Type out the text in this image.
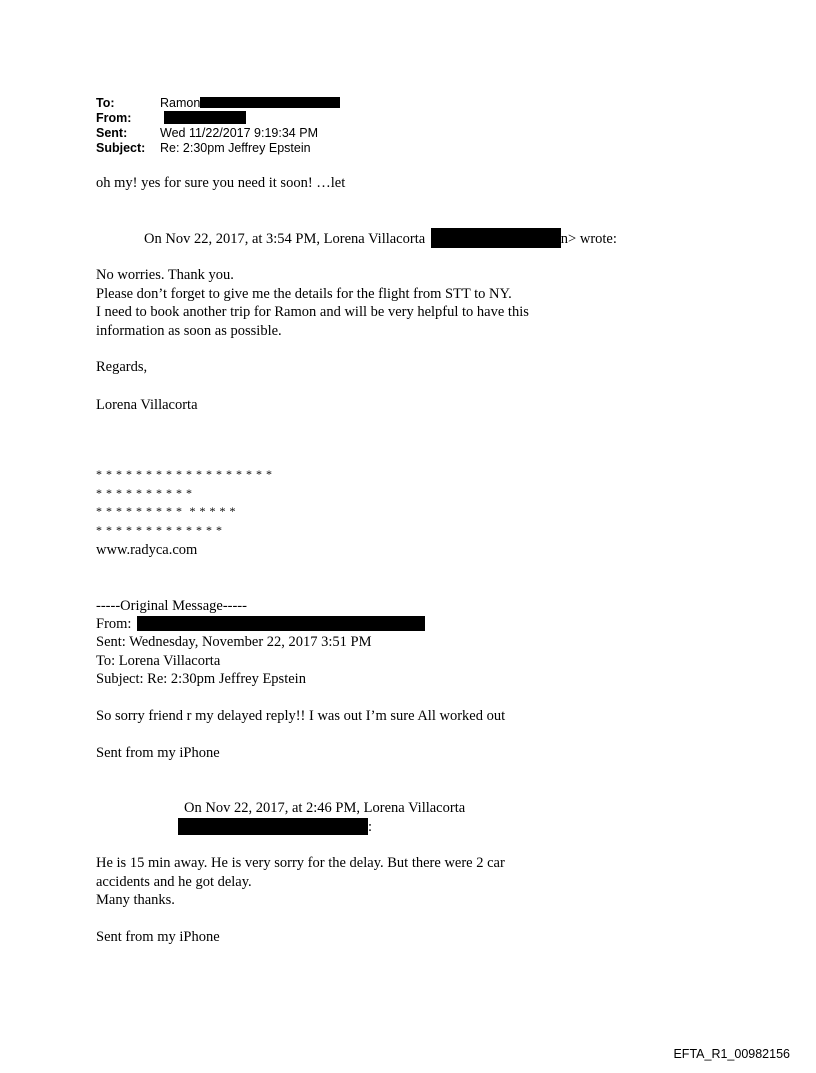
To:	Ramon
From:
Sent:	Wed 11/22/2017 9:19:34 PM
Subject: Re: 2:30pm Jeffrey Epstein
oh my! yes for sure you need it soon! …let
On Nov 22, 2017, at 3:54 PM, Lorena Villacorta	n> wrote:
No worries. Thank you.
Please don’t forget to give me the details for the flight from STT to NY.
I need to book another trip for Ramon and will be very helpful to have this
information as soon as possible.
Regards,
Lorena Villacorta
* * * * * * * * * * * * * * * * * *
* * * * * * * * * *
* * * * * * * * *  * * * * *
* * * * * * * * * * * * *
www.radyca.com
-----Original Message-----
From:
Sent: Wednesday, November 22, 2017 3:51 PM
To: Lorena Villacorta
Subject: Re: 2:30pm Jeffrey Epstein
So sorry friend r my delayed reply!! I was out I’m sure All worked out
Sent from my iPhone
On Nov 22, 2017, at 2:46 PM, Lorena Villacorta
:
He is 15 min away. He is very sorry for the delay. But there were 2 car
accidents and he got delay.
Many thanks.
Sent from my iPhone
EFTA_R1_00982156
